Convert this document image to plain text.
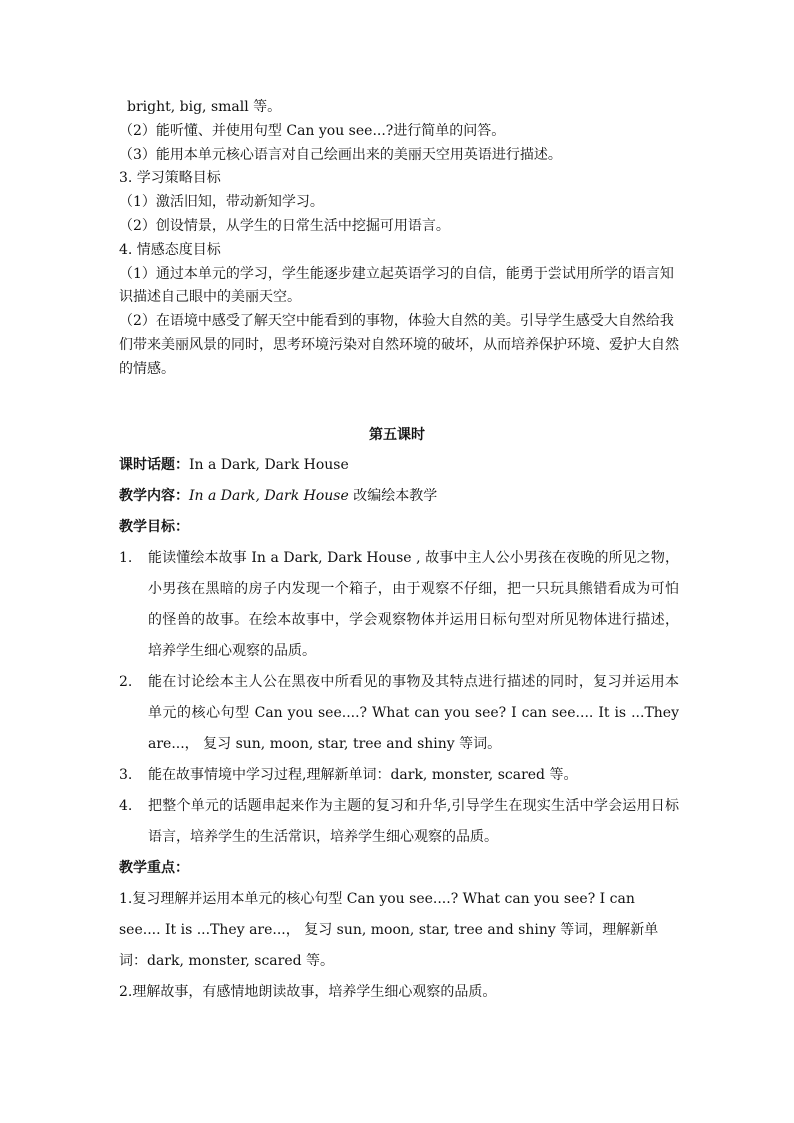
bright, big, small 等。

（2）能听懂、并使用句型 Can you see...?进行简单的问答。

（3）能用本单元核心语言对自己绘画出来的美丽天空用英语进行描述。

3. 学习策略目标

（1）激活旧知，带动新知学习。

（2）创设情景，从学生的日常生活中挖掘可用语言。

4. 情感态度目标

（1）通过本单元的学习，学生能逐步建立起英语学习的自信，能勇于尝试用所学的语言知识描述自己眼中的美丽天空。

（2）在语境中感受了解天空中能看到的事物，体验大自然的美。引导学生感受大自然给我们带来美丽风景的同时，思考环境污染对自然环境的破坏，从而培养保护环境、爱护大自然的情感。

第五课时

课时话题：In a Dark, Dark House

教学内容：In a Dark, Dark House 改编绘本教学

教学目标：

1. 能读懂绘本故事 In a Dark, Dark House , 故事中主人公小男孩在夜晚的所见之物，小男孩在黑暗的房子内发现一个箱子，由于观察不仔细，把一只玩具熊错看成为可怕的怪兽的故事。在绘本故事中，学会观察物体并运用日标句型对所见物体进行描述，培养学生细心观察的品质。
2. 能在讨论绘本主人公在黑夜中所看见的事物及其特点进行描述的同时，复习并运用本单元的核心句型 Can you see....? What can you see? I can see.... It is ...They are...， 复习 sun, moon, star, tree and shiny 等词。
3. 能在故事情境中学习过程,理解新单词：dark, monster, scared 等。
4. 把整个单元的话题串起来作为主题的复习和升华,引导学生在现实生活中学会运用日标语言，培养学生的生活常识，培养学生细心观察的品质。

教学重点：

1.复习理解并运用本单元的核心句型 Can you see....? What can you see? I can see.... It is ...They are...， 复习 sun, moon, star, tree and shiny 等词，理解新单词：dark, monster, scared 等。

2.理解故事，有感情地朗读故事，培养学生细心观察的品质。
